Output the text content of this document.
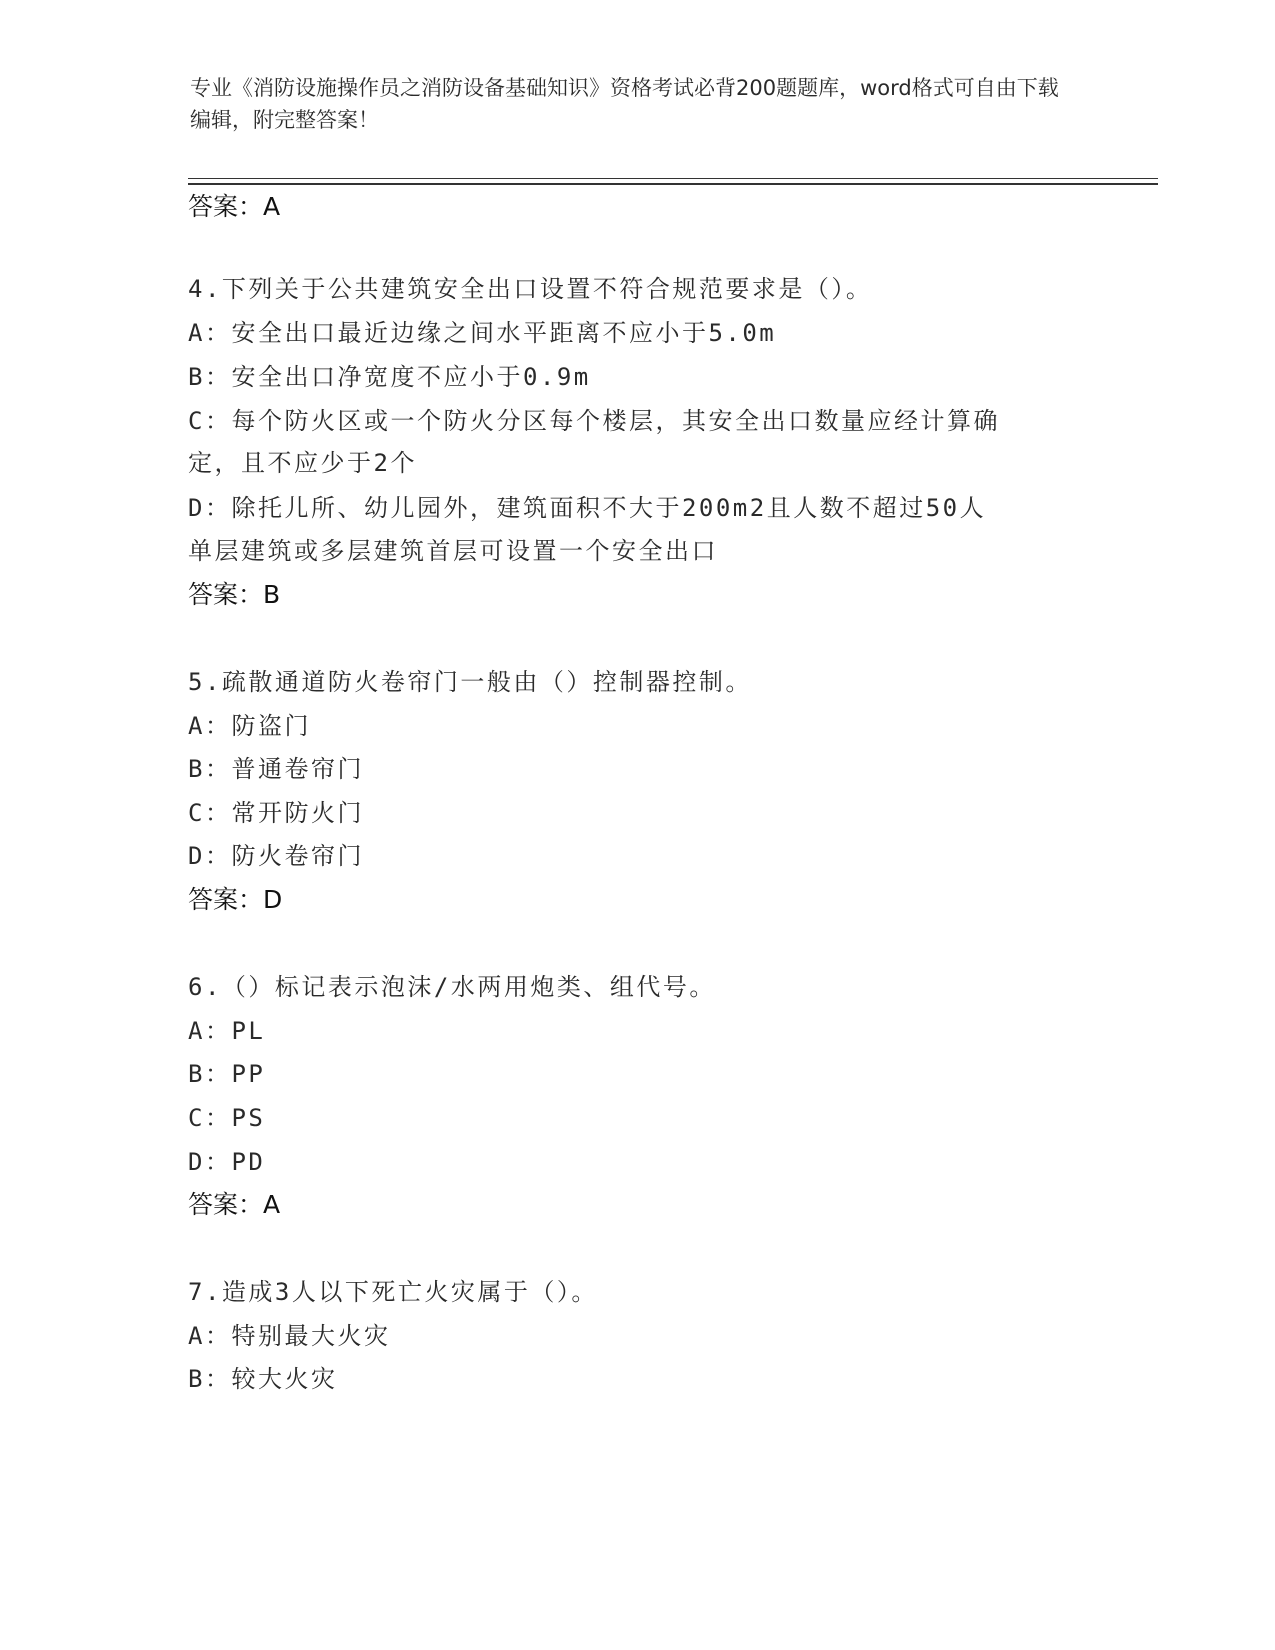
专业《消防设施操作员之消防设备基础知识》资格考试必背200题题库，word格式可自由下载编辑，附完整答案！
答案：A
4.下列关于公共建筑安全出口设置不符合规范要求是（）。
A：安全出口最近边缘之间水平距离不应小于5.0m
B：安全出口净宽度不应小于0.9m
C：每个防火区或一个防火分区每个楼层，其安全出口数量应经计算确
定，且不应少于2个
D：除托儿所、幼儿园外，建筑面积不大于200m2且人数不超过50人
单层建筑或多层建筑首层可设置一个安全出口
答案：B
5.疏散通道防火卷帘门一般由（）控制器控制。
A：防盗门
B：普通卷帘门
C：常开防火门
D：防火卷帘门
答案：D
6.（）标记表示泡沫/水两用炮类、组代号。
A：PL
B：PP
C：PS
D：PD
答案：A
7.造成3人以下死亡火灾属于（）。
A：特别最大火灾
B：较大火灾
